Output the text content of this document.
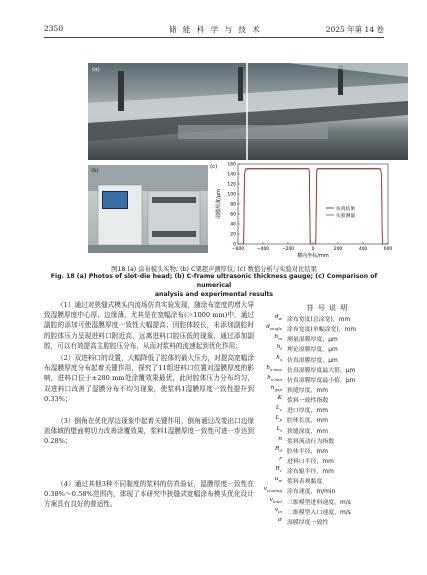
2350	储 能 科 学 与 技 术	2025 年第 14 卷
(a)
(b)
0
20
40
60
80
100
120
140
160
−600	−400	−200	0	200	400	600
(c)
湿膜厚度/μm
横向坐标/mm
仿真结果
实验测量
图18 (a) 涂布模头实物; (b) C架超声测厚仪; (c) 数值分析与实验对比结果
Fig. 18 (a) Photos of slot-die head; (b) C-frame ultrasonic thickness gauge; (c) Comparison of numerical
analysis and experimental results
（1）通过对狭缝式模头内流场仿真实验发现，随涂布宽度的增大导致湿膜厚度中心厚、边缘薄，尤其是在宽幅涂布(＞1000 mm)中，通过副腔的添加可使湿膜厚度一致性大幅提高；因腔体较长，未添加副腔时的腔体压力呈现进料口附近高，远离进料口腔压低的现象，通过添加副腔，可以有效提高主腔腔压分布，从而对浆料的流速起到优化作用；
（2）双进料口的设置，大幅降低了腔体的最大压力，对提高宽幅涂布湿膜厚度分布起着关键作用，探究了11组进料口位置对湿膜厚度的影响，进料口位于±280 mm处涂覆效果最优，此时腔体压力分布均匀，双进料口改善了湿膜分布不均匀现象，使浆料1湿膜厚度一致性提升到0.33%；
（3）倒角在优化厚边现象中起着关键作用，倒角通过改变出口边缘流体域的壁面剪切力改善涂覆效果，浆料1湿膜厚度一致性可进一步达到0.28%；
（4）通过其他3种不同黏度的浆料的仿真验证，湿膜厚度一致性在0.38%～0.58%范围内，体现了本研究中狭缝式宽幅涂布模头优化设计方案具有良好的普适性。
符 号 说 明
$d_w$ 涂布宽度(总涂宽)，mm
$d_{single}$ 涂布宽度(单幅涂宽)，mm
$h_m$ 测量湿膜厚度，μm
$h_t$ 理论湿膜厚度，μm
$h_s$ 仿真湿膜厚度，μm
$h_{s-max}$ 仿真湿膜厚度最大值，μm
$h_{s-min}$ 仿真湿膜厚度最小值，μm
$h_{gap}$ 狭缝厚度，mm
K 浆料一致性指数
$L_c$ 进口厚度，mm
$L_p$ 腔体长度，mm
$L_t$ 狭缝深度，mm
n 浆料流动行为指数
$R_d$ 腔体半径，mm
r 进料口半径，mm
$R_c$ 涂布辊半径，mm
$u_w$ 浆料表观黏度
$v_{coating}$ 涂布速度，m/min
$v_{inlet}$ 三维模型进料速度，m/s
$v_{in}$ 二维模型入口速度，m/s
σ 湿膜厚度一致性
